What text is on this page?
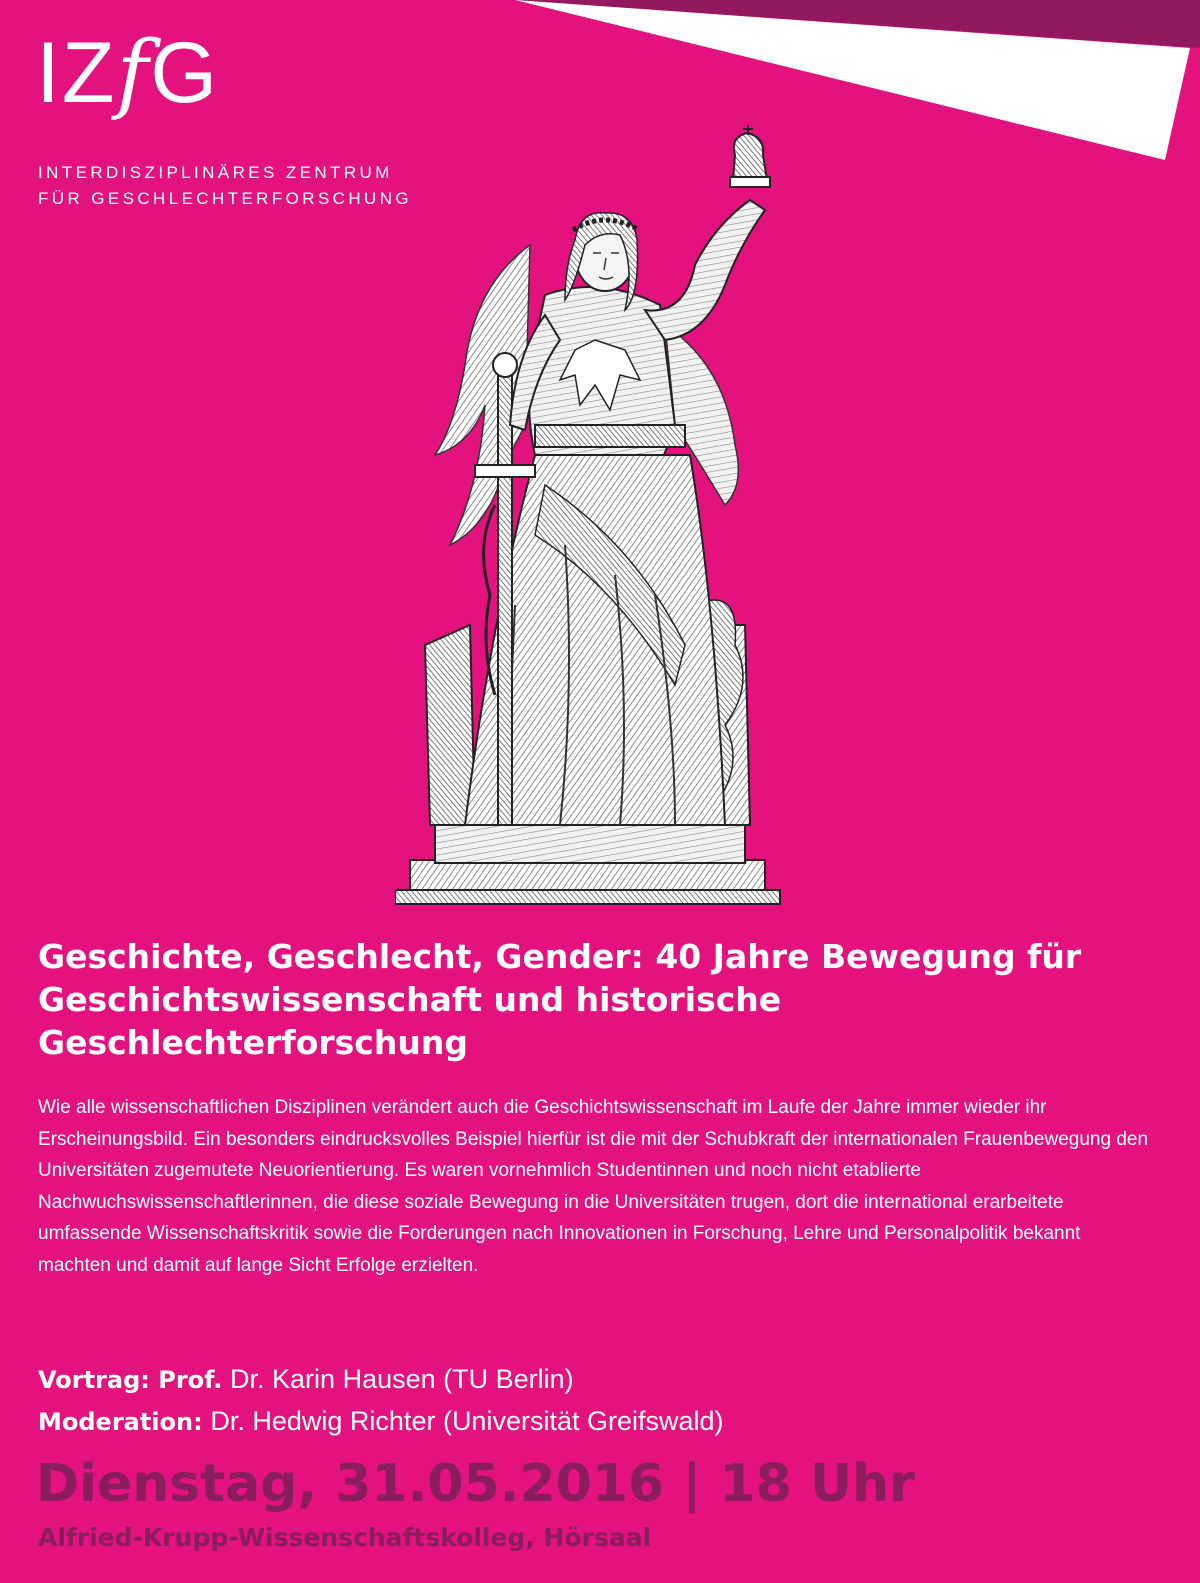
IZfG
INTERDISZIPLINÄRES ZENTRUM
FÜR GESCHLECHTERFORSCHUNG
Geschichte, Geschlecht, Gender: 40 Jahre Bewegung für Geschichtswissenschaft und historische Geschlechterforschung

Wie alle wissenschaftlichen Disziplinen verändert auch die Geschichtswissenschaft im Laufe der Jahre immer wieder ihr Erscheinungsbild. Ein besonders eindrucksvolles Beispiel hierfür ist die mit der Schubkraft der internationalen Frauenbewegung den Universitäten zugemutete Neuorientierung. Es waren vornehmlich Studentinnen und noch nicht etablierte Nachwuchswissenschaftlerinnen, die diese soziale Bewegung in die Universitäten trugen, dort die international erarbeitete umfassende Wissenschaftskritik sowie die Forderungen nach Innovationen in Forschung, Lehre und Personalpolitik bekannt machten und damit auf lange Sicht Erfolge erzielten.

Vortrag: Prof. Dr. Karin Hausen (TU Berlin)
Moderation: Dr. Hedwig Richter (Universität Greifswald)
Dienstag, 31.05.2016 | 18 Uhr
Alfried-Krupp-Wissenschaftskolleg, Hörsaal
